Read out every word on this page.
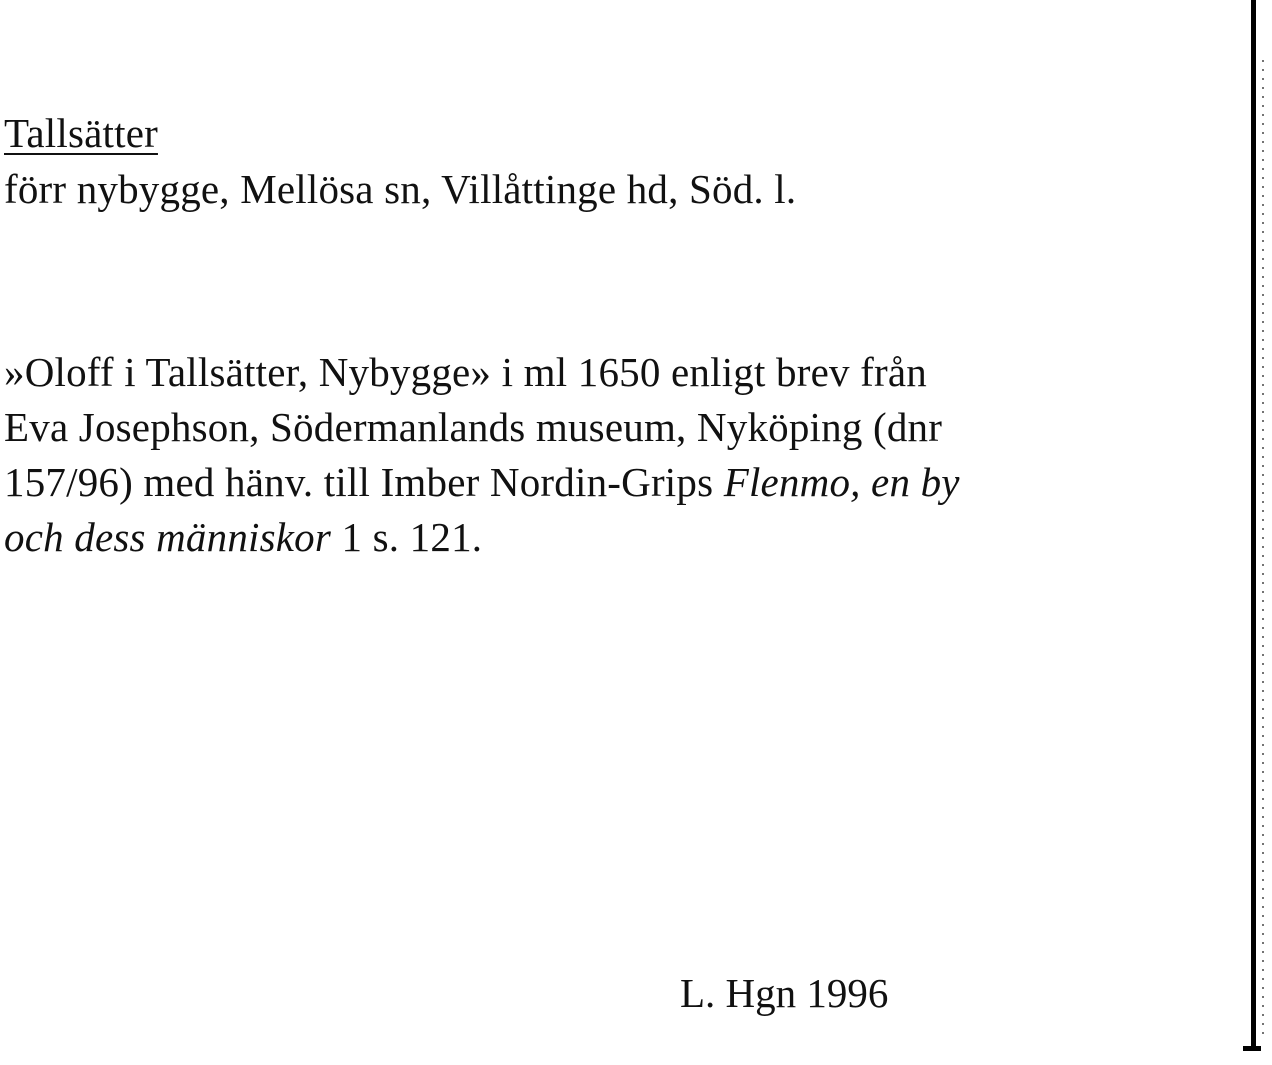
Tallsätter
förr nybygge, Mellösa sn, Villåttinge hd, Söd. l.
»Oloff i Tallsätter, Nybygge» i ml 1650 enligt brev från
Eva Josephson, Södermanlands museum, Nyköping (dnr
157/96) med hänv. till Imber Nordin-Grips Flenmo, en by
och dess människor 1 s. 121.
L. Hgn 1996
